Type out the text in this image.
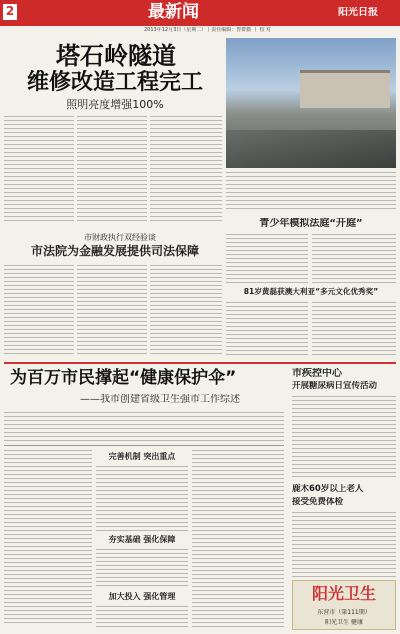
2	最新闻	阳光日报
2013年12月3日（星期二）丨责任编辑：曾群勤 丨 校 对
塔石岭隧道
维修改造工程完工
照明亮度增强100%
市财政执行双经验谈
市法院为金融发展提供司法保障
青少年模拟法庭“开庭”
81岁黄磊获澳大利亚“多元文化优秀奖”
为百万市民撑起“健康保护伞”
——我市创建省级卫生强市工作综述
完善机制 突出重点
夯实基础 强化保障
加大投入 强化管理
市疾控中心
开展糖尿病日宣传活动
鹿木60岁以上老人
接受免费体检
阳光卫生
东营市（第111期）
阳光卫生 健康
